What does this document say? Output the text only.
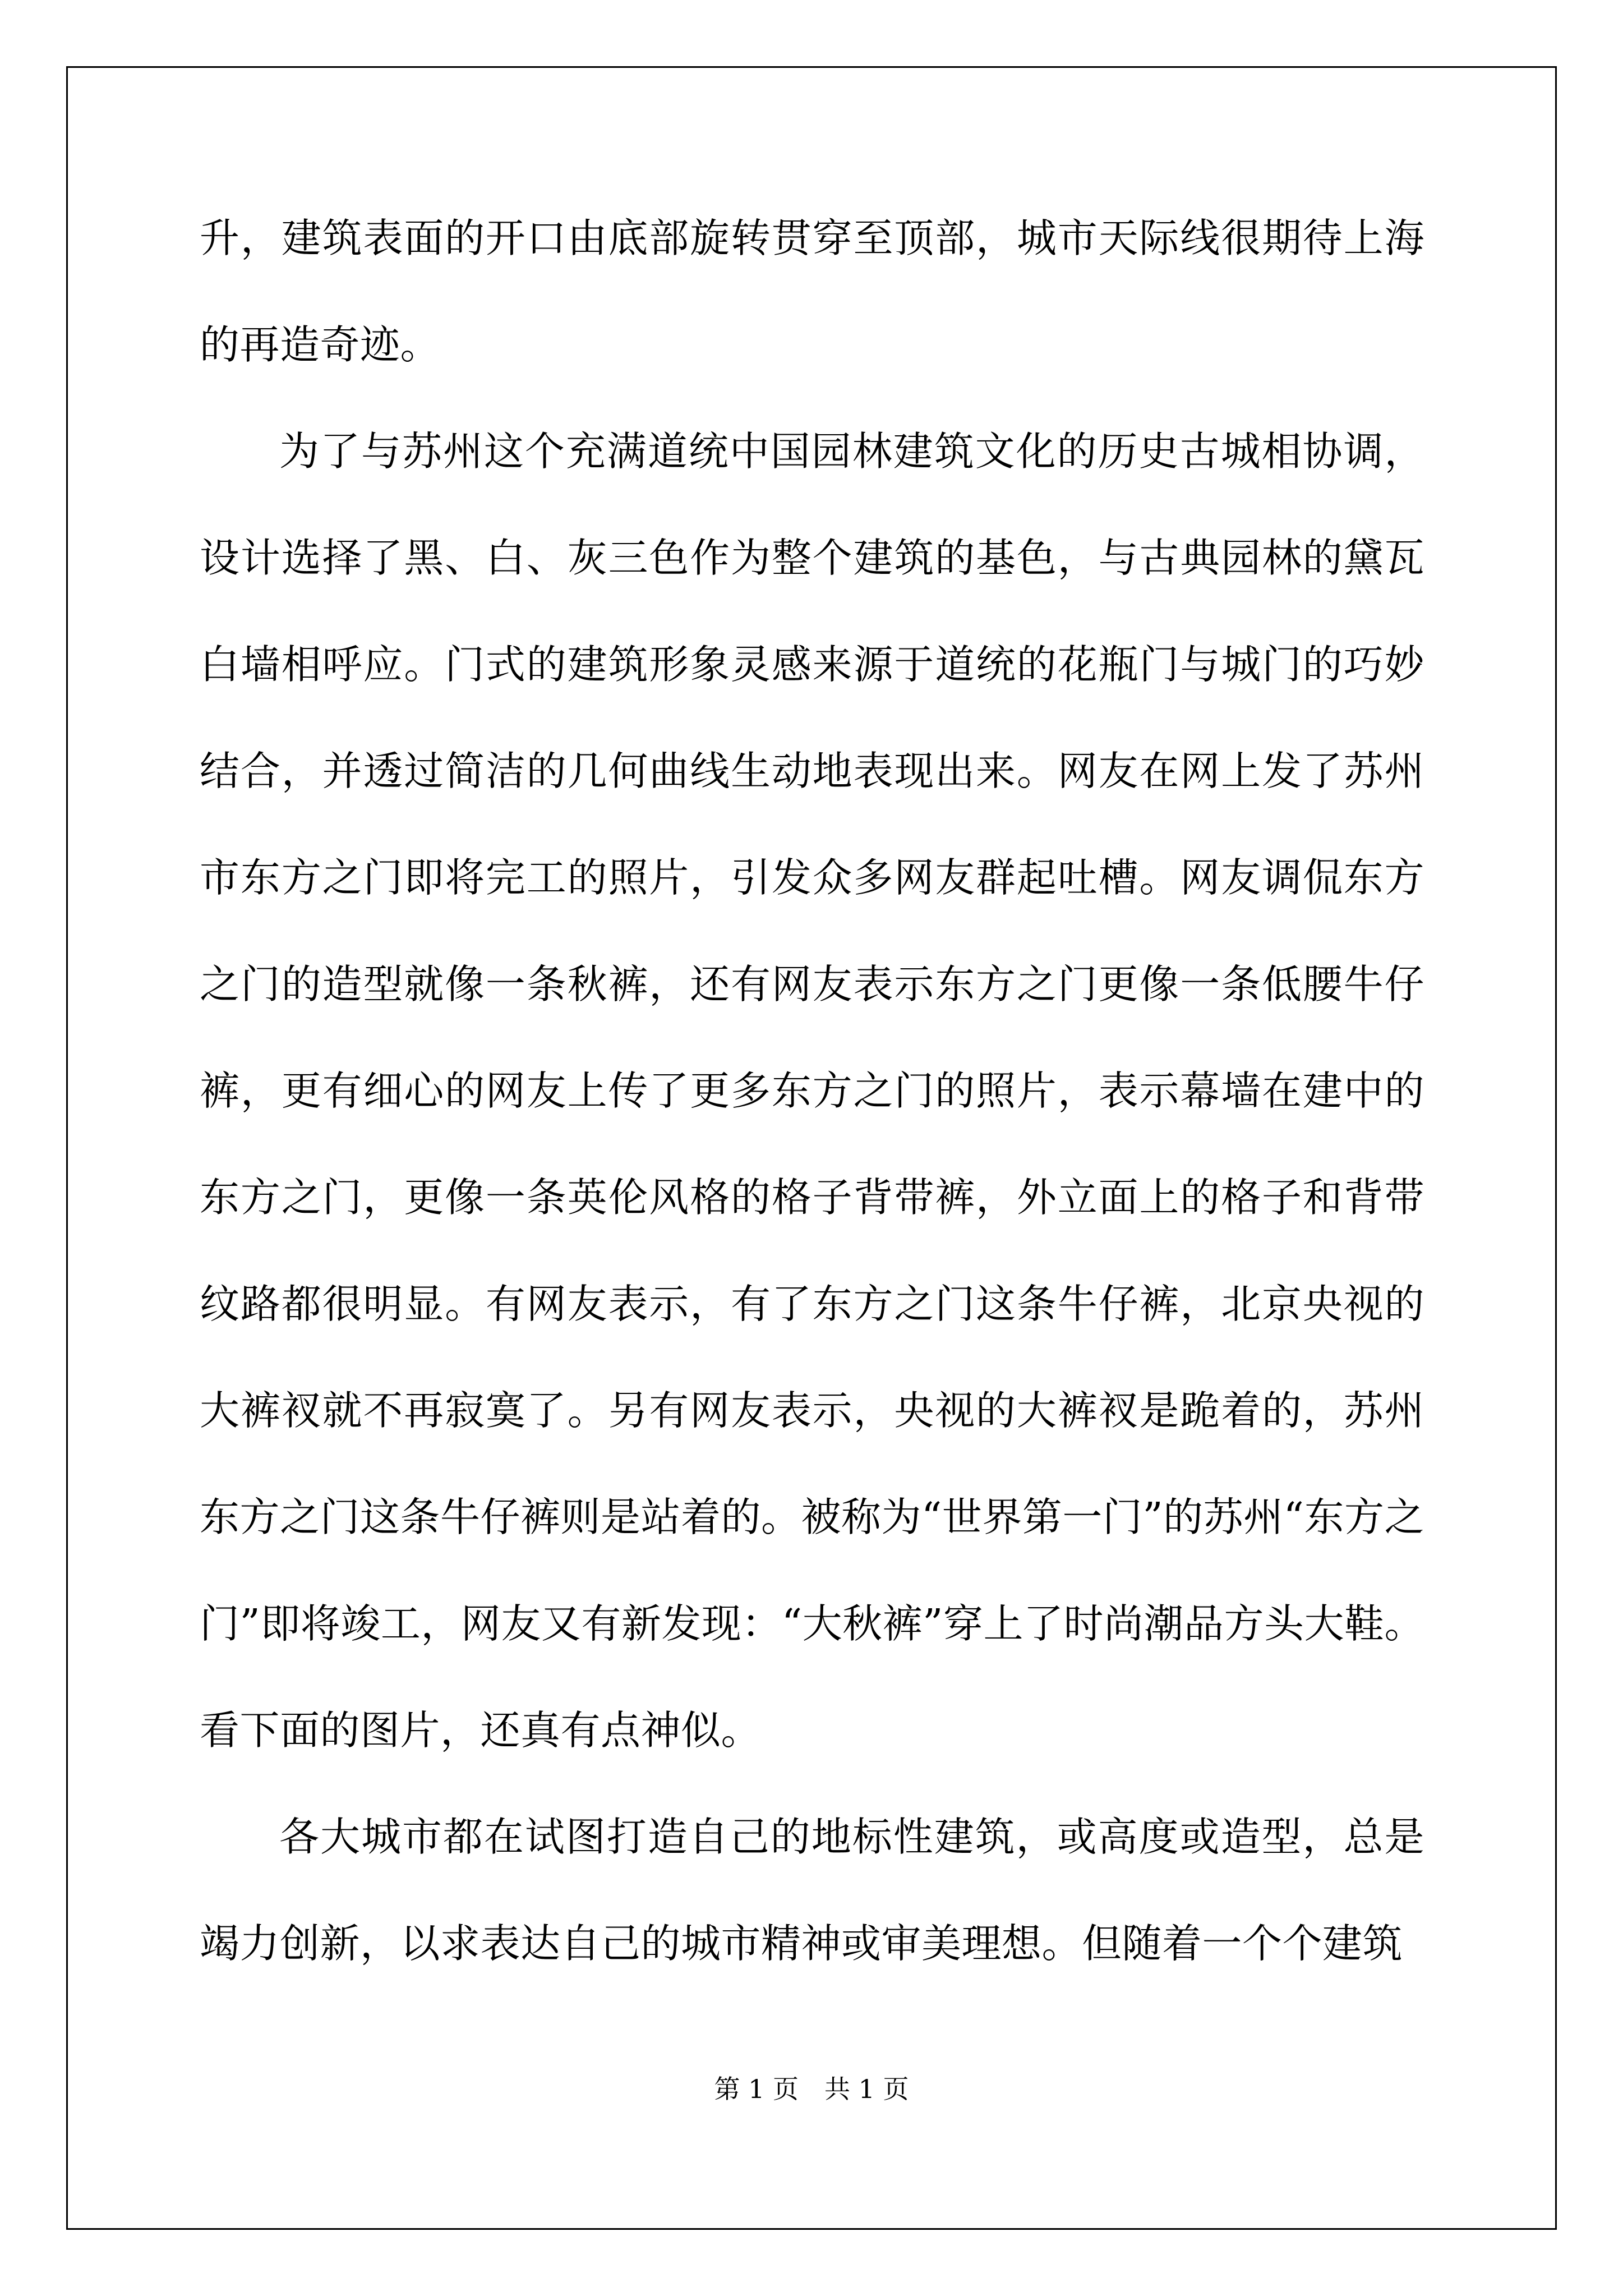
升，建筑表面的开口由底部旋转贯穿至顶部，城市天际线很期待上海的再造奇迹。

为了与苏州这个充满道统中国园林建筑文化的历史古城相协调，设计选择了黑、白、灰三色作为整个建筑的基色，与古典园林的黛瓦白墙相呼应。门式的建筑形象灵感来源于道统的花瓶门与城门的巧妙结合，并透过简洁的几何曲线生动地表现出来。网友在网上发了苏州市东方之门即将完工的照片，引发众多网友群起吐槽。网友调侃东方之门的造型就像一条秋裤，还有网友表示东方之门更像一条低腰牛仔裤，更有细心的网友上传了更多东方之门的照片，表示幕墙在建中的东方之门，更像一条英伦风格的格子背带裤，外立面上的格子和背带纹路都很明显。有网友表示，有了东方之门这条牛仔裤，北京央视的大裤衩就不再寂寞了。另有网友表示，央视的大裤衩是跪着的，苏州东方之门这条牛仔裤则是站着的。被称为“世界第一门”的苏州“东方之门”即将竣工，网友又有新发现：“大秋裤”穿上了时尚潮品方头大鞋。看下面的图片，还真有点神似。

各大城市都在试图打造自己的地标性建筑，或高度或造型，总是竭力创新，以求表达自己的城市精神或审美理想。但随着一个个建筑

第 1 页　共 1 页
